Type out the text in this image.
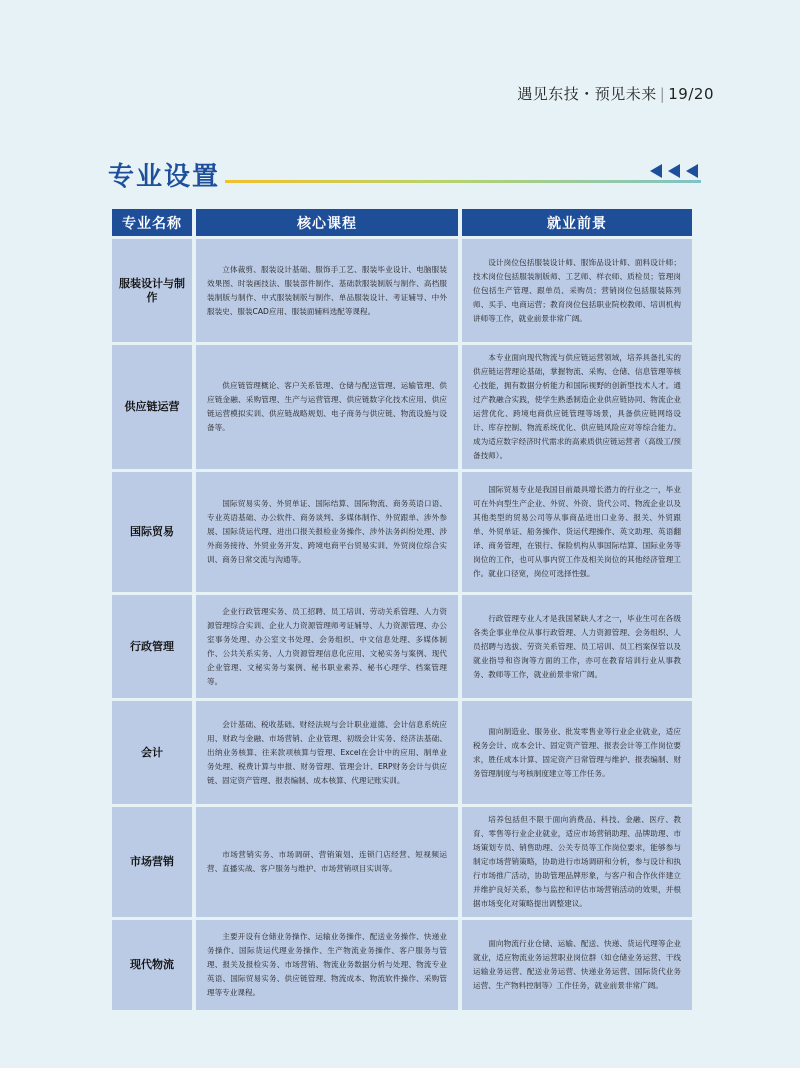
遇见东技・预见未来 | 19/20
专业设置
专业名称	核心课程	就业前景
服装设计与制作	立体裁剪、服装设计基础、服饰手工艺、服装毕业设计、电脑服装效果图、时装画技法、服装部件制作、基础款服装制版与制作、高档服装制版与制作、中式服装制版与制作、单品服装设计、考证辅导、中外服装史、服装CAD应用、服装面辅料选配等课程。	设计岗位包括服装设计师、服饰品设计师、面料设计师；技术岗位包括服装制版师、工艺师、样衣师、质检员；管理岗位包括生产管理、跟单员、采购员；营销岗位包括服装陈列师、买手、电商运营；教育岗位包括职业院校教师、培训机构讲师等工作，就业前景非常广阔。
供应链运营	供应链管理概论、客户关系管理、仓储与配送管理、运输管理、供应链金融、采购管理、生产与运营管理、供应链数字化技术应用、供应链运营模拟实训、供应链战略规划、电子商务与供应链、物流设施与设备等。	本专业面向现代物流与供应链运营领域，培养具备扎实的供应链运营理论基础，掌握物流、采购、仓储、信息管理等核心技能，拥有数据分析能力和国际视野的创新型技术人才。通过产教融合实践，使学生熟悉制造企业供应链协同、物流企业运营优化、跨境电商供应链管理等场景，具备供应链网络设计、库存控制、物流系统优化、供应链风险应对等综合能力。成为适应数字经济时代需求的高素质供应链运营者（高级工/预备技师）。
国际贸易	国际贸易实务、外贸单证、国际结算、国际物流、商务英语口语、专业英语基础、办公软件、商务谈判、多媒体制作、外贸跟单、涉外参展、国际货运代理、进出口报关报检业务操作、涉外法务纠纷处理、涉外商务接待、外贸业务开发、跨境电商平台贸易实训、外贸岗位综合实训、商务日常交流与沟通等。	国际贸易专业是我国目前最具增长潜力的行业之一，毕业可在外向型生产企业、外贸、外资、货代公司、物流企业以及其他类型的贸易公司等从事商品进出口业务、报关、外贸跟单、外贸单证、船务操作、货运代理操作、英文助理、英语翻译、商务管理，在银行、保险机构从事国际结算、国际业务等岗位的工作，也可从事内贸工作及相关岗位的其他经济管理工作。就业口径宽，岗位可选择性强。
行政管理	企业行政管理实务、员工招聘、员工培训、劳动关系管理、人力资源管理综合实训、企业人力资源管理师考证辅导、人力资源管理、办公室事务处理、办公室文书处理、会务组织、中文信息处理、多媒体制作、公共关系实务、人力资源管理信息化应用、文秘实务与案例、现代企业管理、文秘实务与案例、秘书职业素养、秘书心理学、档案管理等。	行政管理专业人才是我国紧缺人才之一，毕业生可在各级各类企事业单位从事行政管理、人力资源管理、会务组织、人员招聘与选拔、劳资关系管理、员工培训、员工档案保管以及就业指导和咨询等方面的工作，亦可在教育培训行业从事教务、教师等工作，就业前景非常广阔。
会计	会计基础、税收基础、财经法规与会计职业道德、会计信息系统应用、财政与金融、市场营销、企业管理、初级会计实务、经济法基础、出纳业务核算、往来款项核算与管理、Excel在会计中的应用、制单业务处理、税费计算与申报、财务管理、管理会计、ERP财务会计与供应链、固定资产管理、报表编制、成本核算、代理记账实训。	面向制造业、服务业、批发零售业等行业企业就业，适应税务会计、成本会计、固定资产管理、报表会计等工作岗位要求，胜任成本计算、固定资产日常管理与维护、报表编制、财务管理制度与考核制度建立等工作任务。
市场营销	市场营销实务、市场调研、营销策划、连锁门店经营、短视频运营、直播实战、客户服务与维护、市场营销项目实训等。	培养包括但不限于面向消费品、科技、金融、医疗、教育、零售等行业企业就业，适应市场营销助理、品牌助理、市场策划专员、销售助理、公关专员等工作岗位要求，能够参与制定市场营销策略，协助进行市场调研和分析，参与设计和执行市场推广活动，协助管理品牌形象，与客户和合作伙伴建立并维护良好关系，参与监控和评估市场营销活动的效果，并根据市场变化对策略提出调整建议。
现代物流	主要开设有仓储业务操作、运输业务操作、配送业务操作、快递业务操作、国际货运代理业务操作、生产物流业务操作、客户服务与管理、报关及报检实务、市场营销、物流业务数据分析与处理、物流专业英语、国际贸易实务、供应链管理、物流成本、物流软件操作、采购管理等专业课程。	面向物流行业仓储、运输、配送、快递、货运代理等企业就业，适应物流业务运营职业岗位群（如仓储业务运营、干线运输业务运营、配送业务运营、快递业务运营、国际货代业务运营、生产物料控制等）工作任务，就业前景非常广阔。
